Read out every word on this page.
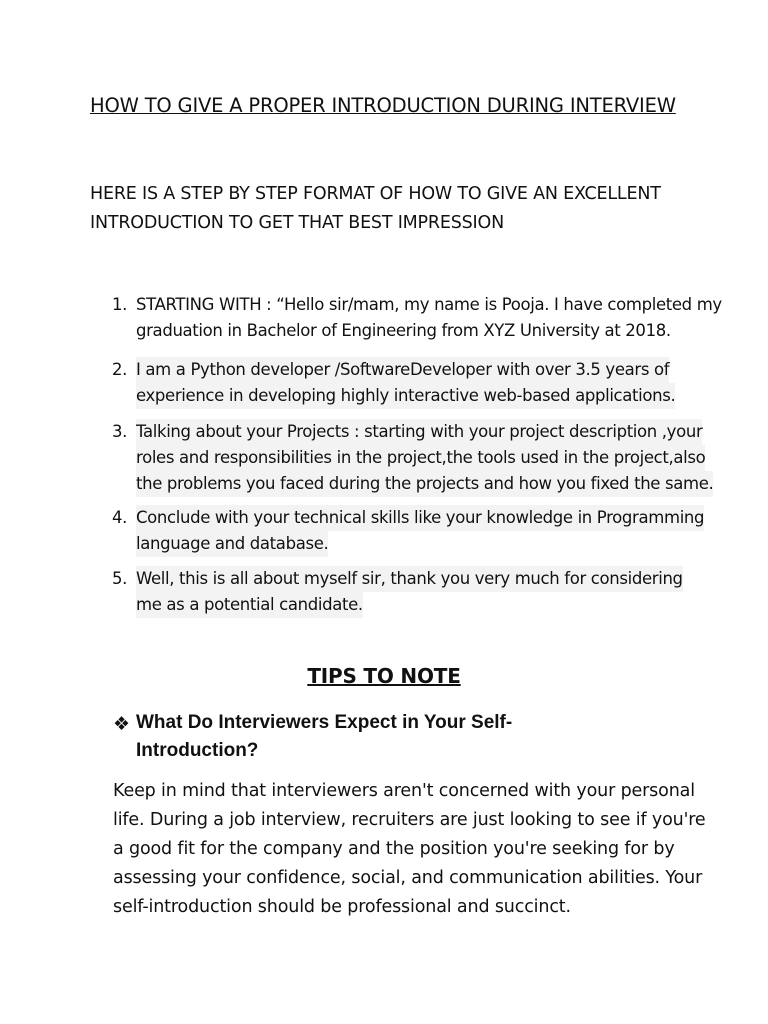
HOW TO GIVE A PROPER INTRODUCTION DURING INTERVIEW
HERE IS A STEP BY STEP FORMAT OF HOW TO GIVE AN EXCELLENT
INTRODUCTION TO GET THAT BEST IMPRESSION
1. STARTING WITH : “Hello sir/mam, my name is Pooja. I have completed my
graduation in Bachelor of Engineering from XYZ University at 2018.
2. I am a Python developer /SoftwareDeveloper with over 3.5 years of experience in developing highly interactive web-based applications.
3. Talking about your Projects : starting with your project description ,your roles and responsibilities in the project,the tools used in the project,also the problems you faced during the projects and how you fixed the same.
4. Conclude with your technical skills like your knowledge in Programming language and database.
5. Well, this is all about myself sir, thank you very much for considering me as a potential candidate.
TIPS TO NOTE
❖ What Do Interviewers Expect in Your Self-
Introduction?
Keep in mind that interviewers aren't concerned with your personal
life. During a job interview, recruiters are just looking to see if you're
a good fit for the company and the position you're seeking for by
assessing your confidence, social, and communication abilities. Your
self-introduction should be professional and succinct.
